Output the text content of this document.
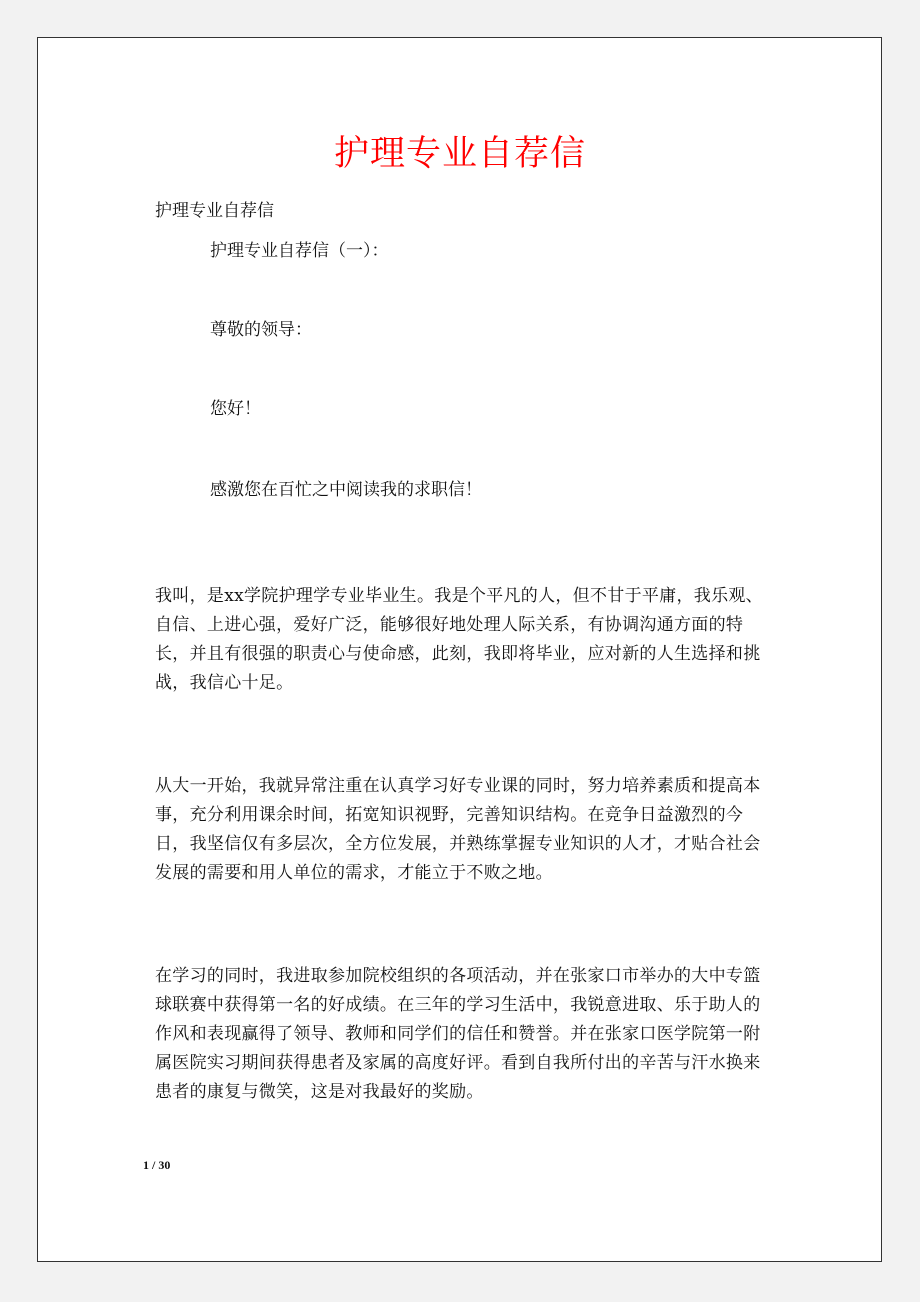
护理专业自荐信
护理专业自荐信
护理专业自荐信（一）：
尊敬的领导：
您好！
感激您在百忙之中阅读我的求职信！
我叫，是xx学院护理学专业毕业生。我是个平凡的人，但不甘于平庸，我乐观、自信、上进心强，爱好广泛，能够很好地处理人际关系，有协调沟通方面的特长，并且有很强的职责心与使命感，此刻，我即将毕业，应对新的人生选择和挑战，我信心十足。
从大一开始，我就异常注重在认真学习好专业课的同时，努力培养素质和提高本事，充分利用课余时间，拓宽知识视野，完善知识结构。在竞争日益激烈的今日，我坚信仅有多层次，全方位发展，并熟练掌握专业知识的人才，才贴合社会发展的需要和用人单位的需求，才能立于不败之地。
在学习的同时，我进取参加院校组织的各项活动，并在张家口市举办的大中专篮球联赛中获得第一名的好成绩。在三年的学习生活中，我锐意进取、乐于助人的作风和表现赢得了领导、教师和同学们的信任和赞誉。并在张家口医学院第一附属医院实习期间获得患者及家属的高度好评。看到自我所付出的辛苦与汗水换来患者的康复与微笑，这是对我最好的奖励。
1 / 30
